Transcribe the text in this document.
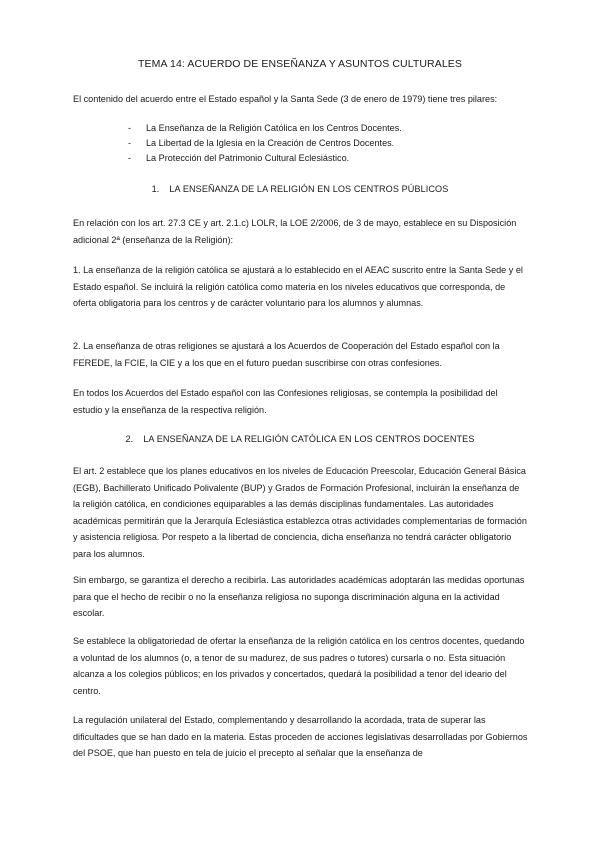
TEMA 14: ACUERDO DE ENSEÑANZA Y ASUNTOS CULTURALES

El contenido del acuerdo entre el Estado español y la Santa Sede (3 de enero de 1979) tiene tres pilares:

- La Enseñanza de la Religión Católica en los Centros Docentes.
- La Libertad de la Iglesia en la Creación de Centros Docentes.
- La Protección del Patrimonio Cultural Eclesiástico.
1. LA ENSEÑANZA DE LA RELIGIÓN EN LOS CENTROS PÚBLICOS

En relación con los art. 27.3 CE y art. 2.1.c) LOLR, la LOE 2/2006, de 3 de mayo, establece en su Disposición adicional 2ª (enseñanza de la Religión):

1. La enseñanza de la religión católica se ajustará a lo establecido en el AEAC suscrito entre la Santa Sede y el Estado español. Se incluirá la religión católica como materia en los niveles educativos que corresponda, de oferta obligatoria para los centros y de carácter voluntario para los alumnos y alumnas.

2. La enseñanza de otras religiones se ajustará a los Acuerdos de Cooperación del Estado español con la FEREDE, la FCIE, la CIE y a los que en el futuro puedan suscribirse con otras confesiones.

En todos los Acuerdos del Estado español con las Confesiones religiosas, se contempla la posibilidad del estudio y la enseñanza de la respectiva religión.

2. LA ENSEÑANZA DE LA RELIGIÓN CATÓLICA EN LOS CENTROS DOCENTES

El art. 2 establece que los planes educativos en los niveles de Educación Preescolar, Educación General Básica (EGB), Bachillerato Unificado Polivalente (BUP) y Grados de Formación Profesional, incluirán la enseñanza de la religión católica, en condiciones equiparables a las demás disciplinas fundamentales. Las autoridades académicas permitirán que la Jerarquía Eclesiástica establezca otras actividades complementarias de formación y asistencia religiosa. Por respeto a la libertad de conciencia, dicha enseñanza no tendrá carácter obligatorio para los alumnos.

Sin embargo, se garantiza el derecho a recibirla. Las autoridades académicas adoptarán las medidas oportunas para que el hecho de recibir o no la enseñanza religiosa no suponga discriminación alguna en la actividad escolar.

Se establece la obligatoriedad de ofertar la enseñanza de la religión católica en los centros docentes, quedando a voluntad de los alumnos (o, a tenor de su madurez, de sus padres o tutores) cursarla o no. Esta situación alcanza a los colegios públicos; en los privados y concertados, quedará la posibilidad a tenor del ideario del centro.

La regulación unilateral del Estado, complementando y desarrollando la acordada, trata de superar las dificultades que se han dado en la materia. Estas proceden de acciones legislativas desarrolladas por Gobiernos del PSOE, que han puesto en tela de juicio el precepto al señalar que la enseñanza de
